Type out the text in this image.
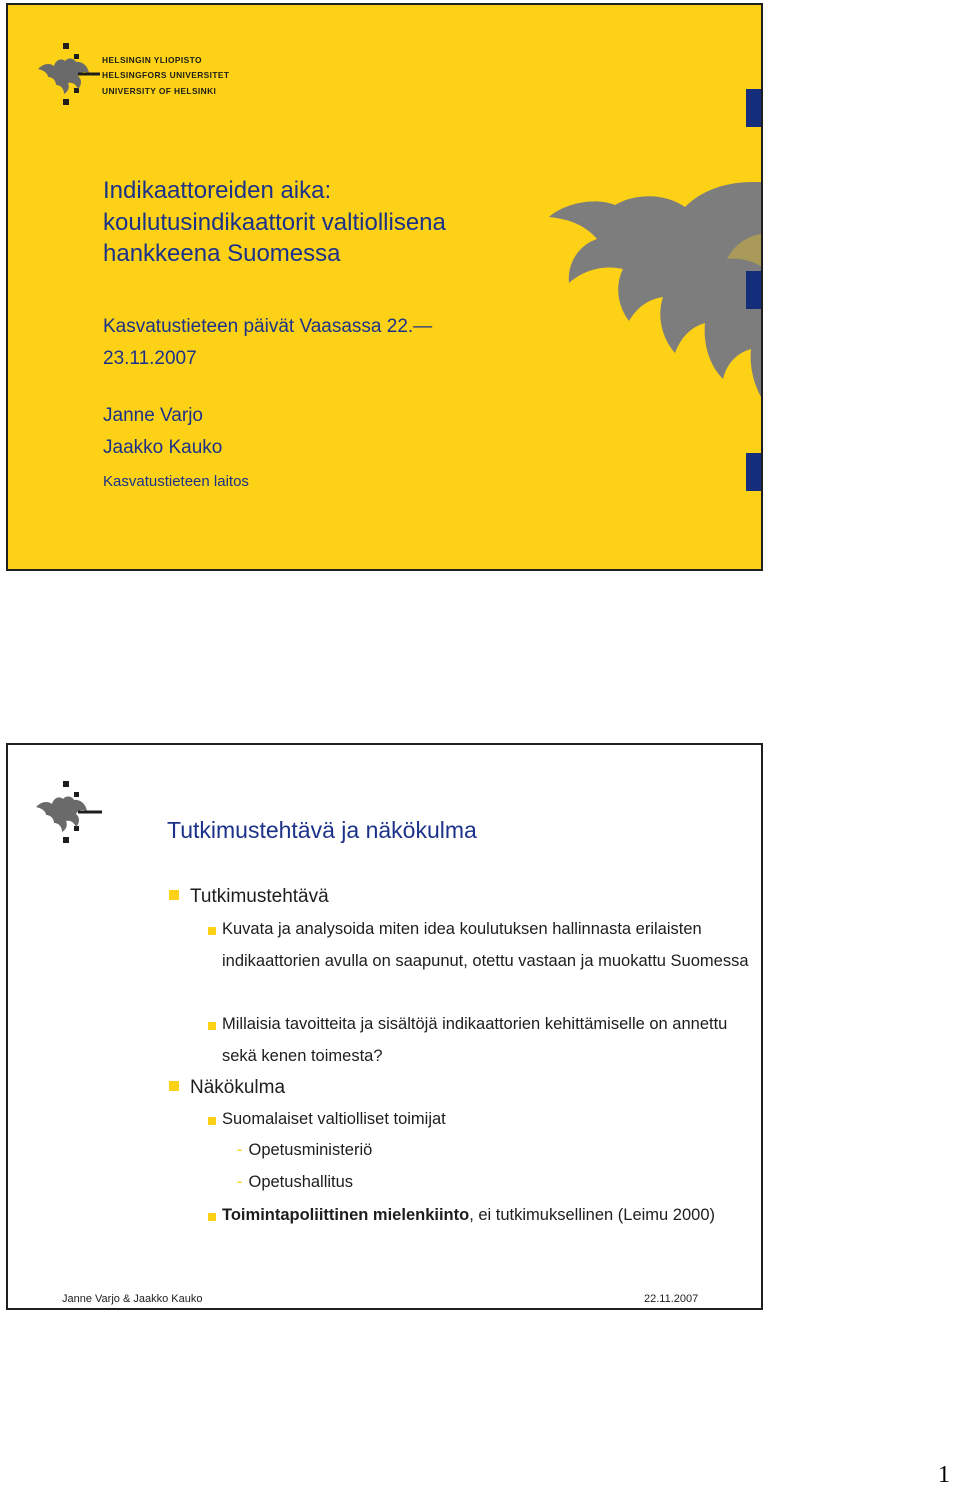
HELSINGIN YLIOPISTO
HELSINGFORS UNIVERSITET
UNIVERSITY OF HELSINKI
Indikaattoreiden aika:
koulutusindikaattorit valtiollisena
hankkeena Suomessa
Kasvatustieteen päivät Vaasassa 22.— 23.11.2007
Janne Varjo
Jaakko Kauko
Kasvatustieteen laitos
Tutkimustehtävä ja näkökulma
Tutkimustehtävä
Kuvata ja analysoida miten idea koulutuksen hallinnasta erilaisten indikaattorien avulla on saapunut, otettu vastaan ja muokattu Suomessa
Millaisia tavoitteita ja sisältöjä indikaattorien kehittämiselle on annettu sekä kenen toimesta?
Näkökulma
Suomalaiset valtiolliset toimijat
- Opetusministeriö
- Opetushallitus
Toimintapoliittinen mielenkiinto, ei tutkimuksellinen (Leimu 2000)
Janne Varjo & Jaakko Kauko	22.11.2007
1
